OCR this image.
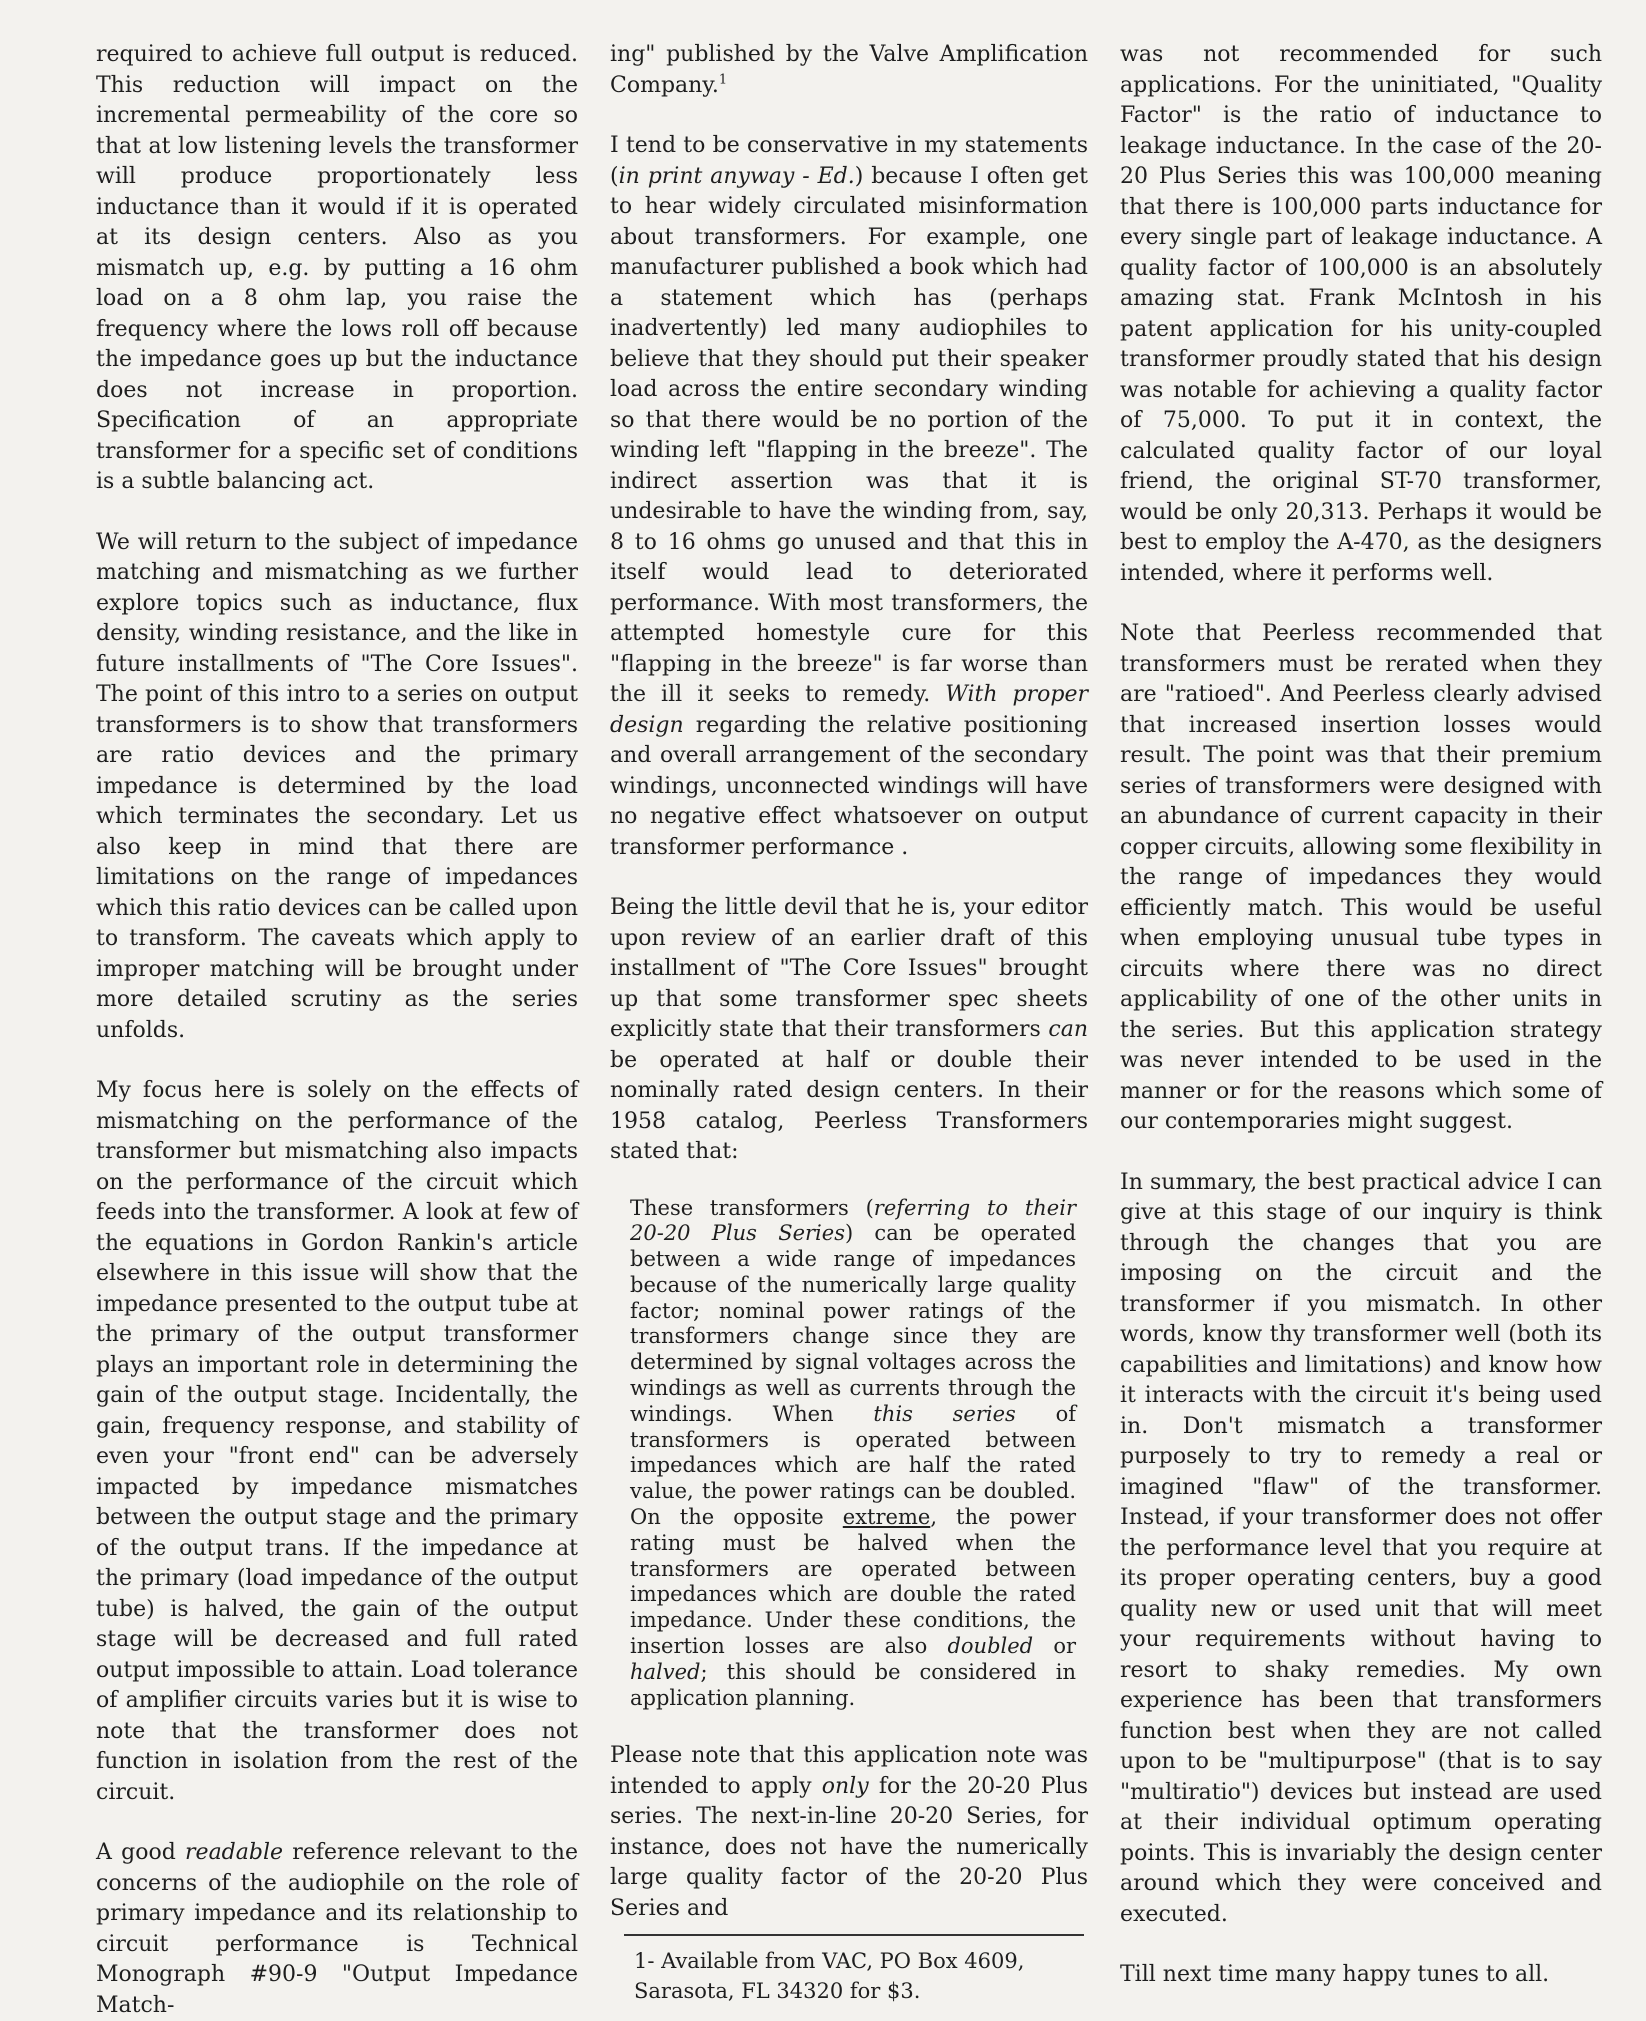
required to achieve full output is reduced. This reduction will impact on the incremental permeability of the core so that at low listening levels the transformer will produce proportionately less inductance than it would if it is operated at its design centers. Also as you mismatch up, e.g. by putting a 16 ohm load on a 8 ohm lap, you raise the frequency where the lows roll off because the impedance goes up but the inductance does not increase in proportion. Specification of an appropriate transformer for a specific set of conditions is a subtle balancing act.

We will return to the subject of impedance matching and mismatching as we further explore topics such as inductance, flux density, winding resistance, and the like in future installments of "The Core Issues". The point of this intro to a series on output transformers is to show that transformers are ratio devices and the primary impedance is determined by the load which terminates the secondary. Let us also keep in mind that there are limitations on the range of impedances which this ratio devices can be called upon to transform. The caveats which apply to improper matching will be brought under more detailed scrutiny as the series unfolds.

My focus here is solely on the effects of mismatching on the performance of the transformer but mismatching also impacts on the performance of the circuit which feeds into the transformer. A look at few of the equations in Gordon Rankin's article elsewhere in this issue will show that the impedance presented to the output tube at the primary of the output transformer plays an important role in determining the gain of the output stage. Incidentally, the gain, frequency response, and stability of even your "front end" can be adversely impacted by impedance mismatches between the output stage and the primary of the output trans. If the impedance at the primary (load impedance of the output tube) is halved, the gain of the output stage will be decreased and full rated output impossible to attain. Load tolerance of amplifier circuits varies but it is wise to note that the transformer does not function in isolation from the rest of the circuit.

A good readable reference relevant to the concerns of the audiophile on the role of primary impedance and its relationship to circuit performance is Technical Monograph #90-9 "Output Impedance Match-

ing" published by the Valve Amplification Company.$^1$

I tend to be conservative in my statements (in print anyway - Ed.) because I often get to hear widely circulated misinformation about transformers. For example, one manufacturer published a book which had a statement which has (perhaps inadvertently) led many audiophiles to believe that they should put their speaker load across the entire secondary winding so that there would be no portion of the winding left "flapping in the breeze". The indirect assertion was that it is undesirable to have the winding from, say, 8 to 16 ohms go unused and that this in itself would lead to deteriorated performance. With most transformers, the attempted homestyle cure for this "flapping in the breeze" is far worse than the ill it seeks to remedy. With proper design regarding the relative positioning and overall arrangement of the secondary windings, unconnected windings will have no negative effect whatsoever on output transformer performance .

Being the little devil that he is, your editor upon review of an earlier draft of this installment of "The Core Issues" brought up that some transformer spec sheets explicitly state that their transformers can be operated at half or double their nominally rated design centers. In their 1958 catalog, Peerless Transformers stated that:

These transformers (referring to their 20-20 Plus Series) can be operated between a wide range of impedances because of the numerically large quality factor; nominal power ratings of the transformers change since they are determined by signal voltages across the windings as well as currents through the windings. When this series of transformers is operated between impedances which are half the rated value, the power ratings can be doubled. On the opposite extreme, the power rating must be halved when the transformers are operated between impedances which are double the rated impedance. Under these conditions, the insertion losses are also doubled or halved; this should be considered in application planning.

Please note that this application note was intended to apply only for the 20-20 Plus series. The next-in-line 20-20 Series, for instance, does not have the numerically large quality factor of the 20-20 Plus Series and

1- Available from VAC, PO Box 4609,
Sarasota, FL 34320 for $3.

was not recommended for such applications. For the uninitiated, "Quality Factor" is the ratio of inductance to leakage inductance. In the case of the 20-20 Plus Series this was 100,000 meaning that there is 100,000 parts inductance for every single part of leakage inductance. A quality factor of 100,000 is an absolutely amazing stat. Frank McIntosh in his patent application for his unity-coupled transformer proudly stated that his design was notable for achieving a quality factor of 75,000. To put it in context, the calculated quality factor of our loyal friend, the original ST-70 transformer, would be only 20,313. Perhaps it would be best to employ the A-470, as the designers intended, where it performs well.

Note that Peerless recommended that transformers must be rerated when they are "ratioed". And Peerless clearly advised that increased insertion losses would result. The point was that their premium series of transformers were designed with an abundance of current capacity in their copper circuits, allowing some flexibility in the range of impedances they would efficiently match. This would be useful when employing unusual tube types in circuits where there was no direct applicability of one of the other units in the series. But this application strategy was never intended to be used in the manner or for the reasons which some of our contemporaries might suggest.

In summary, the best practical advice I can give at this stage of our inquiry is think through the changes that you are imposing on the circuit and the transformer if you mismatch. In other words, know thy transformer well (both its capabilities and limitations) and know how it interacts with the circuit it's being used in. Don't mismatch a transformer purposely to try to remedy a real or imagined "flaw" of the transformer. Instead, if your transformer does not offer the performance level that you require at its proper operating centers, buy a good quality new or used unit that will meet your requirements without having to resort to shaky remedies. My own experience has been that transformers function best when they are not called upon to be "multipurpose" (that is to say "multiratio") devices but instead are used at their individual optimum operating points. This is invariably the design center around which they were conceived and executed.

Till next time many happy tunes to all.
